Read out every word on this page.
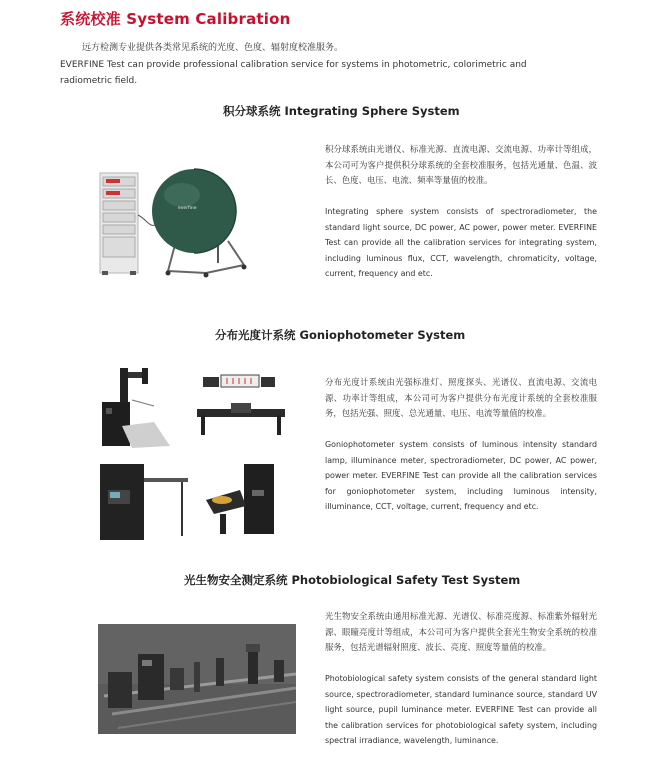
系统校准 System Calibration
远方检测专业提供各类常见系统的光度、色度、辐射度校准服务。
EVERFINE Test can provide professional calibration service for systems in photometric, colorimetric and radiometric field.
积分球系统 Integrating Sphere System
everfine
积分球系统由光谱仪、标准光源、直流电源、交流电源、功率计等组成，本公司可为客户提供积分球系统的全套校准服务，包括光通量、色温、波长、色度、电压、电流、频率等量值的校准。
Integrating sphere system consists of spectroradiometer, the standard light source, DC power, AC power, power meter. EVERFINE Test can provide all the calibration services for integrating system, including luminous flux, CCT, wavelength, chromaticity, voltage, current, frequency and etc.
分布光度计系统 Goniophotometer System
分布光度计系统由光强标准灯、照度探头、光谱仪、直流电源、交流电源、功率计等组成，本公司可为客户提供分布光度计系统的全套校准服务，包括光强、照度、总光通量、电压、电流等量值的校准。
Goniophotometer system consists of luminous intensity standard lamp, illuminance meter, spectroradiometer, DC power, AC power, power meter. EVERFINE Test can provide all the calibration services for goniophotometer system, including luminous intensity, illuminance, CCT, voltage, current, frequency and etc.
光生物安全测定系统 Photobiological Safety Test System
光生物安全系统由通用标准光源、光谱仪、标准亮度源、标准紫外辐射光源、眼瞳亮度计等组成，本公司可为客户提供全套光生物安全系统的校准服务，包括光谱辐射照度、波长、亮度、照度等量值的校准。
Photobiological safety system consists of the general standard light source, spectroradiometer, standard luminance source, standard UV light source, pupil luminance meter. EVERFINE Test can provide all the calibration services for photobiological safety system, including spectral irradiance, wavelength, luminance.
